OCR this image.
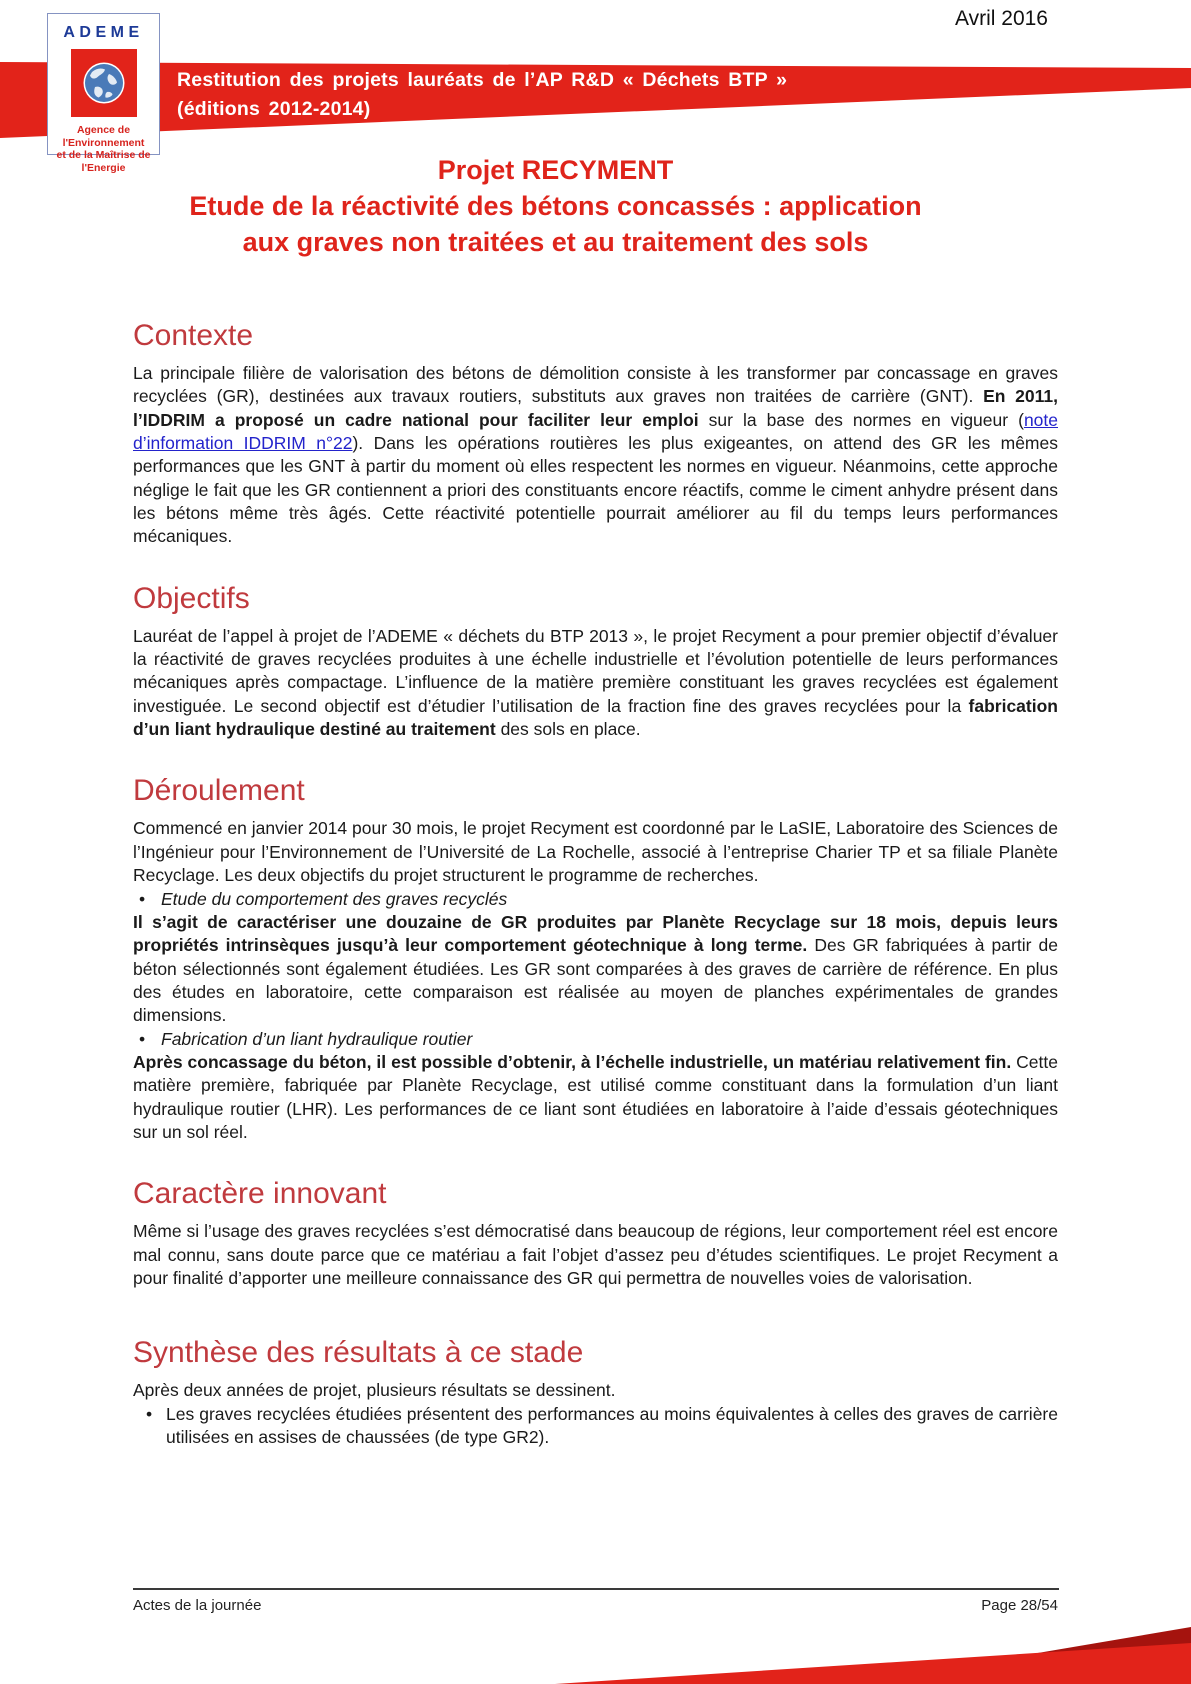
Avril 2016
Restitution des projets lauréats de l’AP R&D « Déchets BTP »
(éditions 2012-2014)
ADEME
Agence de l'Environnement
et de la Maîtrise de l'Energie	Projet RECYMENT
Etude de la réactivité des bétons concassés : application
aux graves non traitées et au traitement des sols
Contexte

La principale filière de valorisation des bétons de démolition consiste à les transformer par concassage en graves recyclées (GR), destinées aux travaux routiers, substituts aux graves non traitées de carrière (GNT). En 2011, l’IDDRIM a proposé un cadre national pour faciliter leur emploi sur la base des normes en vigueur (note d’information IDDRIM n°22). Dans les opérations routières les plus exigeantes, on attend des GR les mêmes performances que les GNT à partir du moment où elles respectent les normes en vigueur. Néanmoins, cette approche néglige le fait que les GR contiennent a priori des constituants encore réactifs, comme le ciment anhydre présent dans les bétons même très âgés. Cette réactivité potentielle pourrait améliorer au fil du temps leurs performances mécaniques.

Objectifs

Lauréat de l’appel à projet de l’ADEME « déchets du BTP 2013 », le projet Recyment a pour premier objectif d’évaluer la réactivité de graves recyclées produites à une échelle industrielle et l’évolution potentielle de leurs performances mécaniques après compactage. L’influence de la matière première constituant les graves recyclées est également investiguée. Le second objectif est d’étudier l’utilisation de la fraction fine des graves recyclées pour la fabrication d’un liant hydraulique destiné au traitement des sols en place.

Déroulement

Commencé en janvier 2014 pour 30 mois, le projet Recyment est coordonné par le LaSIE, Laboratoire des Sciences de l’Ingénieur pour l’Environnement de l’Université de La Rochelle, associé à l’entreprise Charier TP et sa filiale Planète Recyclage. Les deux objectifs du projet structurent le programme de recherches.

• Etude du comportement des graves recyclés

Il s’agit de caractériser une douzaine de GR produites par Planète Recyclage sur 18 mois, depuis leurs propriétés intrinsèques jusqu’à leur comportement géotechnique à long terme. Des GR fabriquées à partir de béton sélectionnés sont également étudiées. Les GR sont comparées à des graves de carrière de référence. En plus des études en laboratoire, cette comparaison est réalisée au moyen de planches expérimentales de grandes dimensions.

• Fabrication d’un liant hydraulique routier

Après concassage du béton, il est possible d’obtenir, à l’échelle industrielle, un matériau relativement fin. Cette matière première, fabriquée par Planète Recyclage, est utilisé comme constituant dans la formulation d’un liant hydraulique routier (LHR). Les performances de ce liant sont étudiées en laboratoire à l’aide d’essais géotechniques sur un sol réel.

Caractère innovant

Même si l’usage des graves recyclées s’est démocratisé dans beaucoup de régions, leur comportement réel est encore mal connu, sans doute parce que ce matériau a fait l’objet d’assez peu d’études scientifiques. Le projet Recyment a pour finalité d’apporter une meilleure connaissance des GR qui permettra de nouvelles voies de valorisation.

Synthèse des résultats à ce stade

Après deux années de projet, plusieurs résultats se dessinent.

• Les graves recyclées étudiées présentent des performances au moins équivalentes à celles des graves de carrière utilisées en assises de chaussées (de type GR2).
Actes de la journée	Page 28/54
